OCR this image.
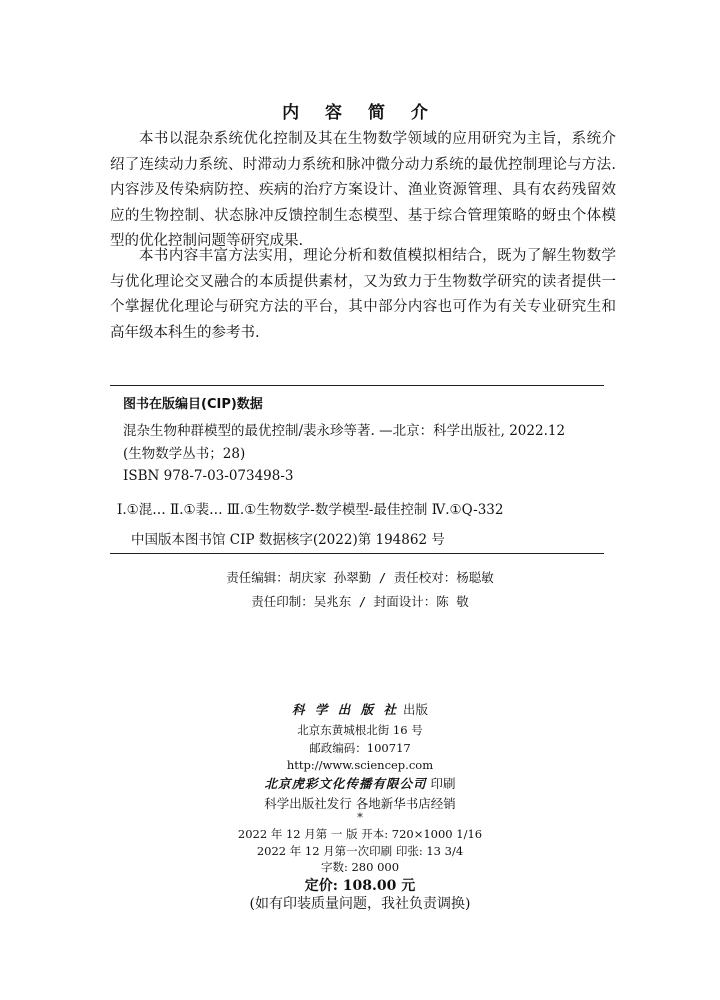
内 容 简 介

本书以混杂系统优化控制及其在生物数学领域的应用研究为主旨，系统介绍了连续动力系统、时滞动力系统和脉冲微分动力系统的最优控制理论与方法. 内容涉及传染病防控、疾病的治疗方案设计、渔业资源管理、具有农药残留效应的生物控制、状态脉冲反馈控制生态模型、基于综合管理策略的蚜虫个体模型的优化控制问题等研究成果.

本书内容丰富方法实用，理论分析和数值模拟相结合，既为了解生物数学与优化理论交叉融合的本质提供素材，又为致力于生物数学研究的读者提供一个掌握优化理论与研究方法的平台，其中部分内容也可作为有关专业研究生和高年级本科生的参考书.

图书在版编目(CIP)数据
混杂生物种群模型的最优控制/裴永珍等著. —北京：科学出版社, 2022.12
(生物数学丛书；28)
ISBN 978-7-03-073498-3
Ⅰ.①混… Ⅱ.①裴… Ⅲ.①生物数学-数学模型-最佳控制 Ⅳ.①Q-332
中国版本图书馆 CIP 数据核字(2022)第 194862 号
责任编辑：胡庆家 孙翠勤 / 责任校对：杨聪敏
责任印制：吴兆东 / 封面设计：陈 敬
科 学 出 版 社 出版
北京东黄城根北街 16 号
邮政编码：100717
http://www.sciencep.com
北京虎彩文化传播有限公司 印刷
科学出版社发行 各地新华书店经销
*
2022 年 12 月第 一 版 开本: 720×1000 1/16
2022 年 12 月第一次印刷 印张: 13 3/4
字数: 280 000
定价: 108.00 元
(如有印装质量问题，我社负责调换)
